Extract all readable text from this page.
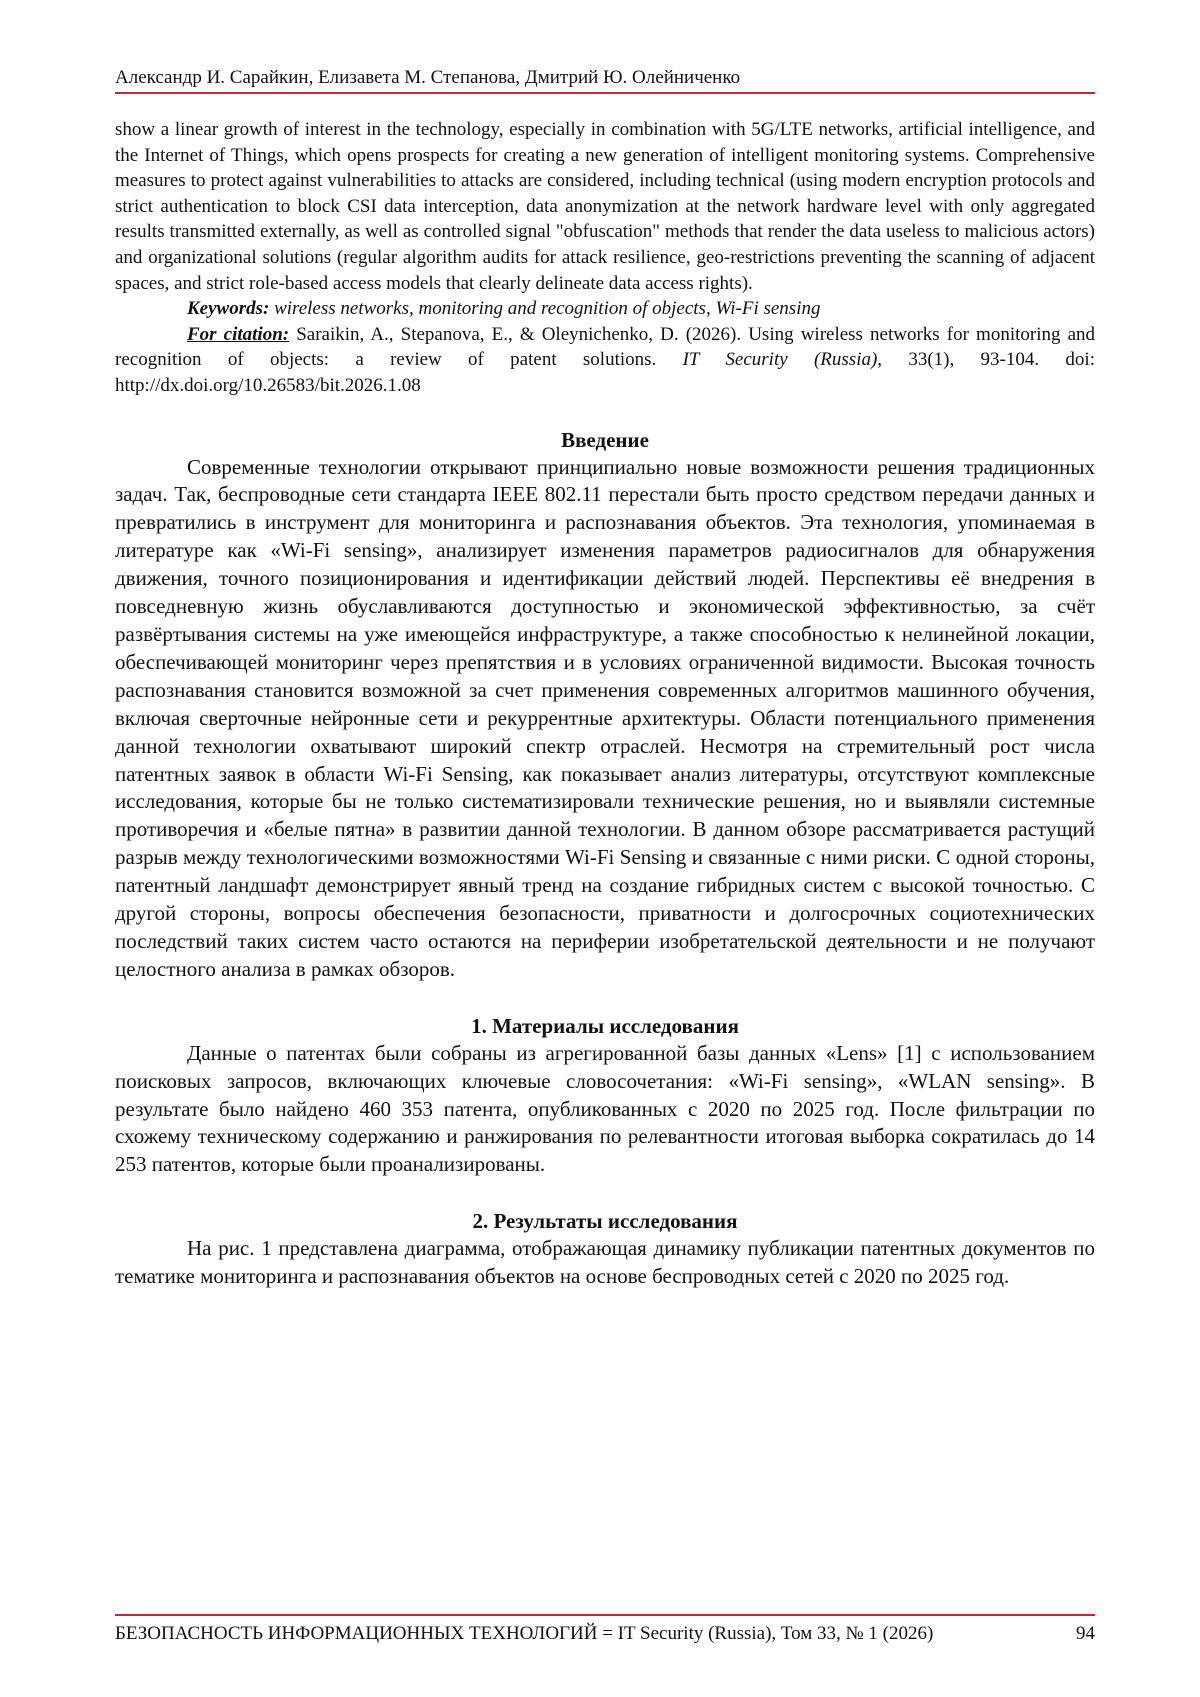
Александр И. Сарайкин, Елизавета М. Степанова, Дмитрий Ю. Олейниченко

show a linear growth of interest in the technology, especially in combination with 5G/LTE networks, artificial intelligence, and the Internet of Things, which opens prospects for creating a new generation of intelligent monitoring systems. Comprehensive measures to protect against vulnerabilities to attacks are considered, including technical (using modern encryption protocols and strict authentication to block CSI data interception, data anonymization at the network hardware level with only aggregated results transmitted externally, as well as controlled signal "obfuscation" methods that render the data useless to malicious actors) and organizational solutions (regular algorithm audits for attack resilience, geo-restrictions preventing the scanning of adjacent spaces, and strict role-based access models that clearly delineate data access rights).

Keywords: wireless networks, monitoring and recognition of objects, Wi-Fi sensing

For citation: Saraikin, A., Stepanova, E., & Oleynichenko, D. (2026). Using wireless networks for monitoring and recognition of objects: a review of patent solutions. IT Security (Russia), 33(1), 93-104. doi: http://dx.doi.org/10.26583/bit.2026.1.08

Введение

Современные технологии открывают принципиально новые возможности решения традиционных задач. Так, беспроводные сети стандарта IEEE 802.11 перестали быть просто средством передачи данных и превратились в инструмент для мониторинга и распознавания объектов. Эта технология, упоминаемая в литературе как «Wi-Fi sensing», анализирует изменения параметров радиосигналов для обнаружения движения, точного позиционирования и идентификации действий людей. Перспективы её внедрения в повседневную жизнь обуславливаются доступностью и экономической эффективностью, за счёт развёртывания системы на уже имеющейся инфраструктуре, а также способностью к нелинейной локации, обеспечивающей мониторинг через препятствия и в условиях ограниченной видимости. Высокая точность распознавания становится возможной за счет применения современных алгоритмов машинного обучения, включая сверточные нейронные сети и рекуррентные архитектуры. Области потенциального применения данной технологии охватывают широкий спектр отраслей. Несмотря на стремительный рост числа патентных заявок в области Wi-Fi Sensing, как показывает анализ литературы, отсутствуют комплексные исследования, которые бы не только систематизировали технические решения, но и выявляли системные противоречия и «белые пятна» в развитии данной технологии. В данном обзоре рассматривается растущий разрыв между технологическими возможностями Wi-Fi Sensing и связанные с ними риски. С одной стороны, патентный ландшафт демонстрирует явный тренд на создание гибридных систем с высокой точностью. С другой стороны, вопросы обеспечения безопасности, приватности и долгосрочных социотехнических последствий таких систем часто остаются на периферии изобретательской деятельности и не получают целостного анализа в рамках обзоров.

1. Материалы исследования

Данные о патентах были собраны из агрегированной базы данных «Lens» [1] с использованием поисковых запросов, включающих ключевые словосочетания: «Wi-Fi sensing», «WLAN sensing». В результате было найдено 460 353 патента, опубликованных с 2020 по 2025 год. После фильтрации по схожему техническому содержанию и ранжирования по релевантности итоговая выборка сократилась до 14 253 патентов, которые были проанализированы.

2. Результаты исследования

На рис. 1 представлена диаграмма, отображающая динамику публикации патентных документов по тематике мониторинга и распознавания объектов на основе беспроводных сетей с 2020 по 2025 год.

БЕЗОПАСНОСТЬ ИНФОРМАЦИОННЫХ ТЕХНОЛОГИЙ = IT Security (Russia), Том 33, № 1 (2026)	94
